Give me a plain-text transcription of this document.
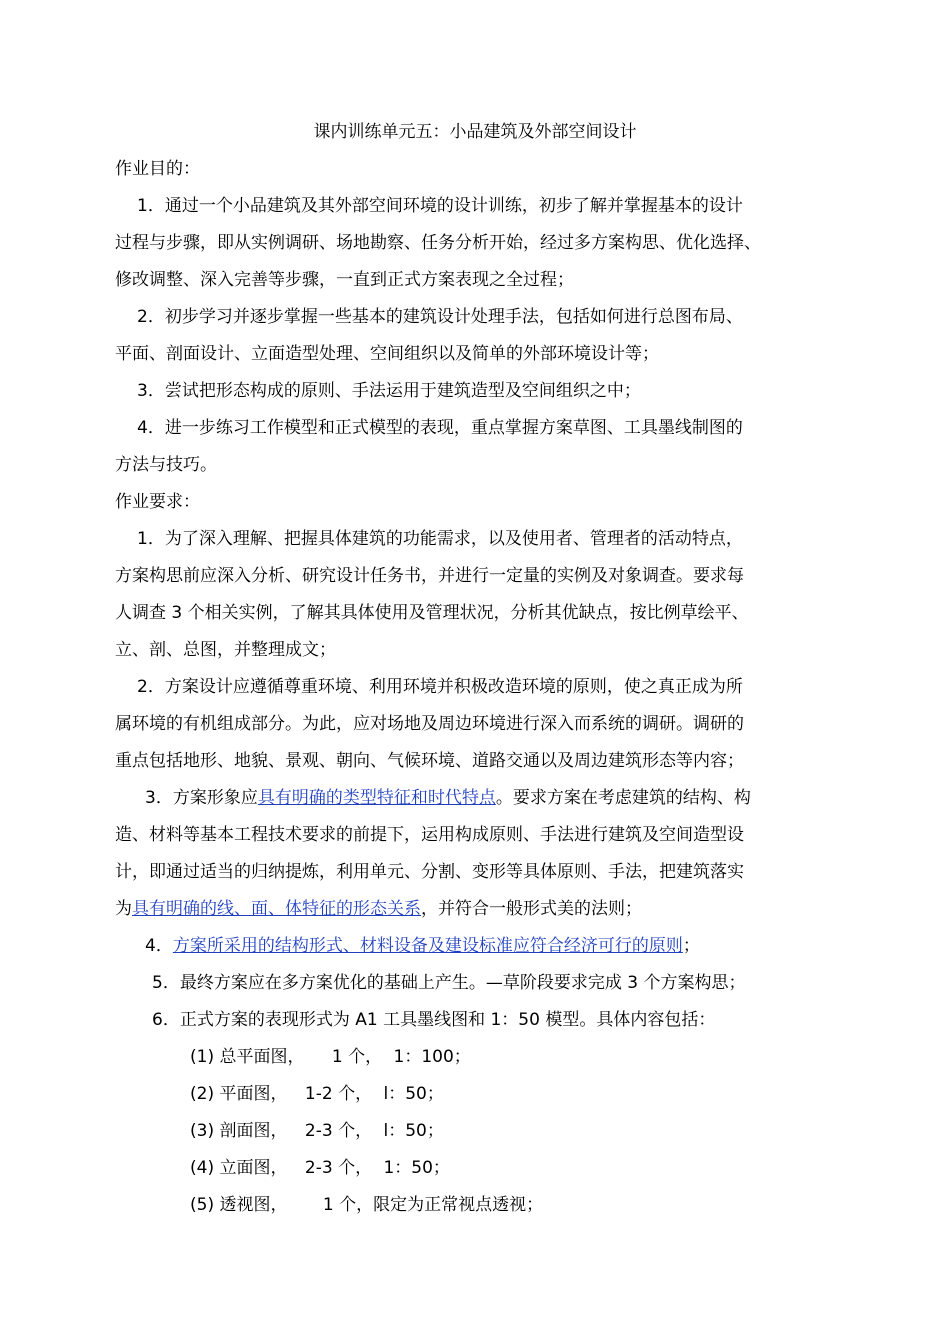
课内训练单元五：小品建筑及外部空间设计
作业目的：
1．通过一个小品建筑及其外部空间环境的设计训练，初步了解并掌握基本的设计
过程与步骤，即从实例调研、场地勘察、任务分析开始，经过多方案构思、优化选择、
修改调整、深入完善等步骤，一直到正式方案表现之全过程；
2．初步学习并逐步掌握一些基本的建筑设计处理手法，包括如何进行总图布局、
平面、剖面设计、立面造型处理、空间组织以及简单的外部环境设计等；
3．尝试把形态构成的原则、手法运用于建筑造型及空间组织之中；
4．进一步练习工作模型和正式模型的表现，重点掌握方案草图、工具墨线制图的
方法与技巧。
作业要求：
1．为了深入理解、把握具体建筑的功能需求，以及使用者、管理者的活动特点，
方案构思前应深入分析、研究设计任务书，并进行一定量的实例及对象调查。要求每
人调查 3 个相关实例，了解其具体使用及管理状况，分析其优缺点，按比例草绘平、
立、剖、总图，并整理成文；
2．方案设计应遵循尊重环境、利用环境并积极改造环境的原则，使之真正成为所
属环境的有机组成部分。为此，应对场地及周边环境进行深入而系统的调研。调研的
重点包括地形、地貌、景观、朝向、气候环境、道路交通以及周边建筑形态等内容；
3．方案形象应具有明确的类型特征和时代特点。要求方案在考虑建筑的结构、构
造、材料等基本工程技术要求的前提下，运用构成原则、手法进行建筑及空间造型设
计，即通过适当的归纳提炼，利用单元、分割、变形等具体原则、手法，把建筑落实
为具有明确的线、面、体特征的形态关系，并符合一般形式美的法则；
4．方案所采用的结构形式、材料设备及建设标准应符合经济可行的原则；
5．最终方案应在多方案优化的基础上产生。—草阶段要求完成 3 个方案构思；
6．正式方案的表现形式为 A1 工具墨线图和 1：50 模型。具体内容包括：
(1) 总平面图， 1 个， 1：100；
(2) 平面图， 1-2 个， l：50；
(3) 剖面图， 2-3 个， l：50；
(4) 立面图， 2-3 个， 1：50；
(5) 透视图， 1 个，限定为正常视点透视；
